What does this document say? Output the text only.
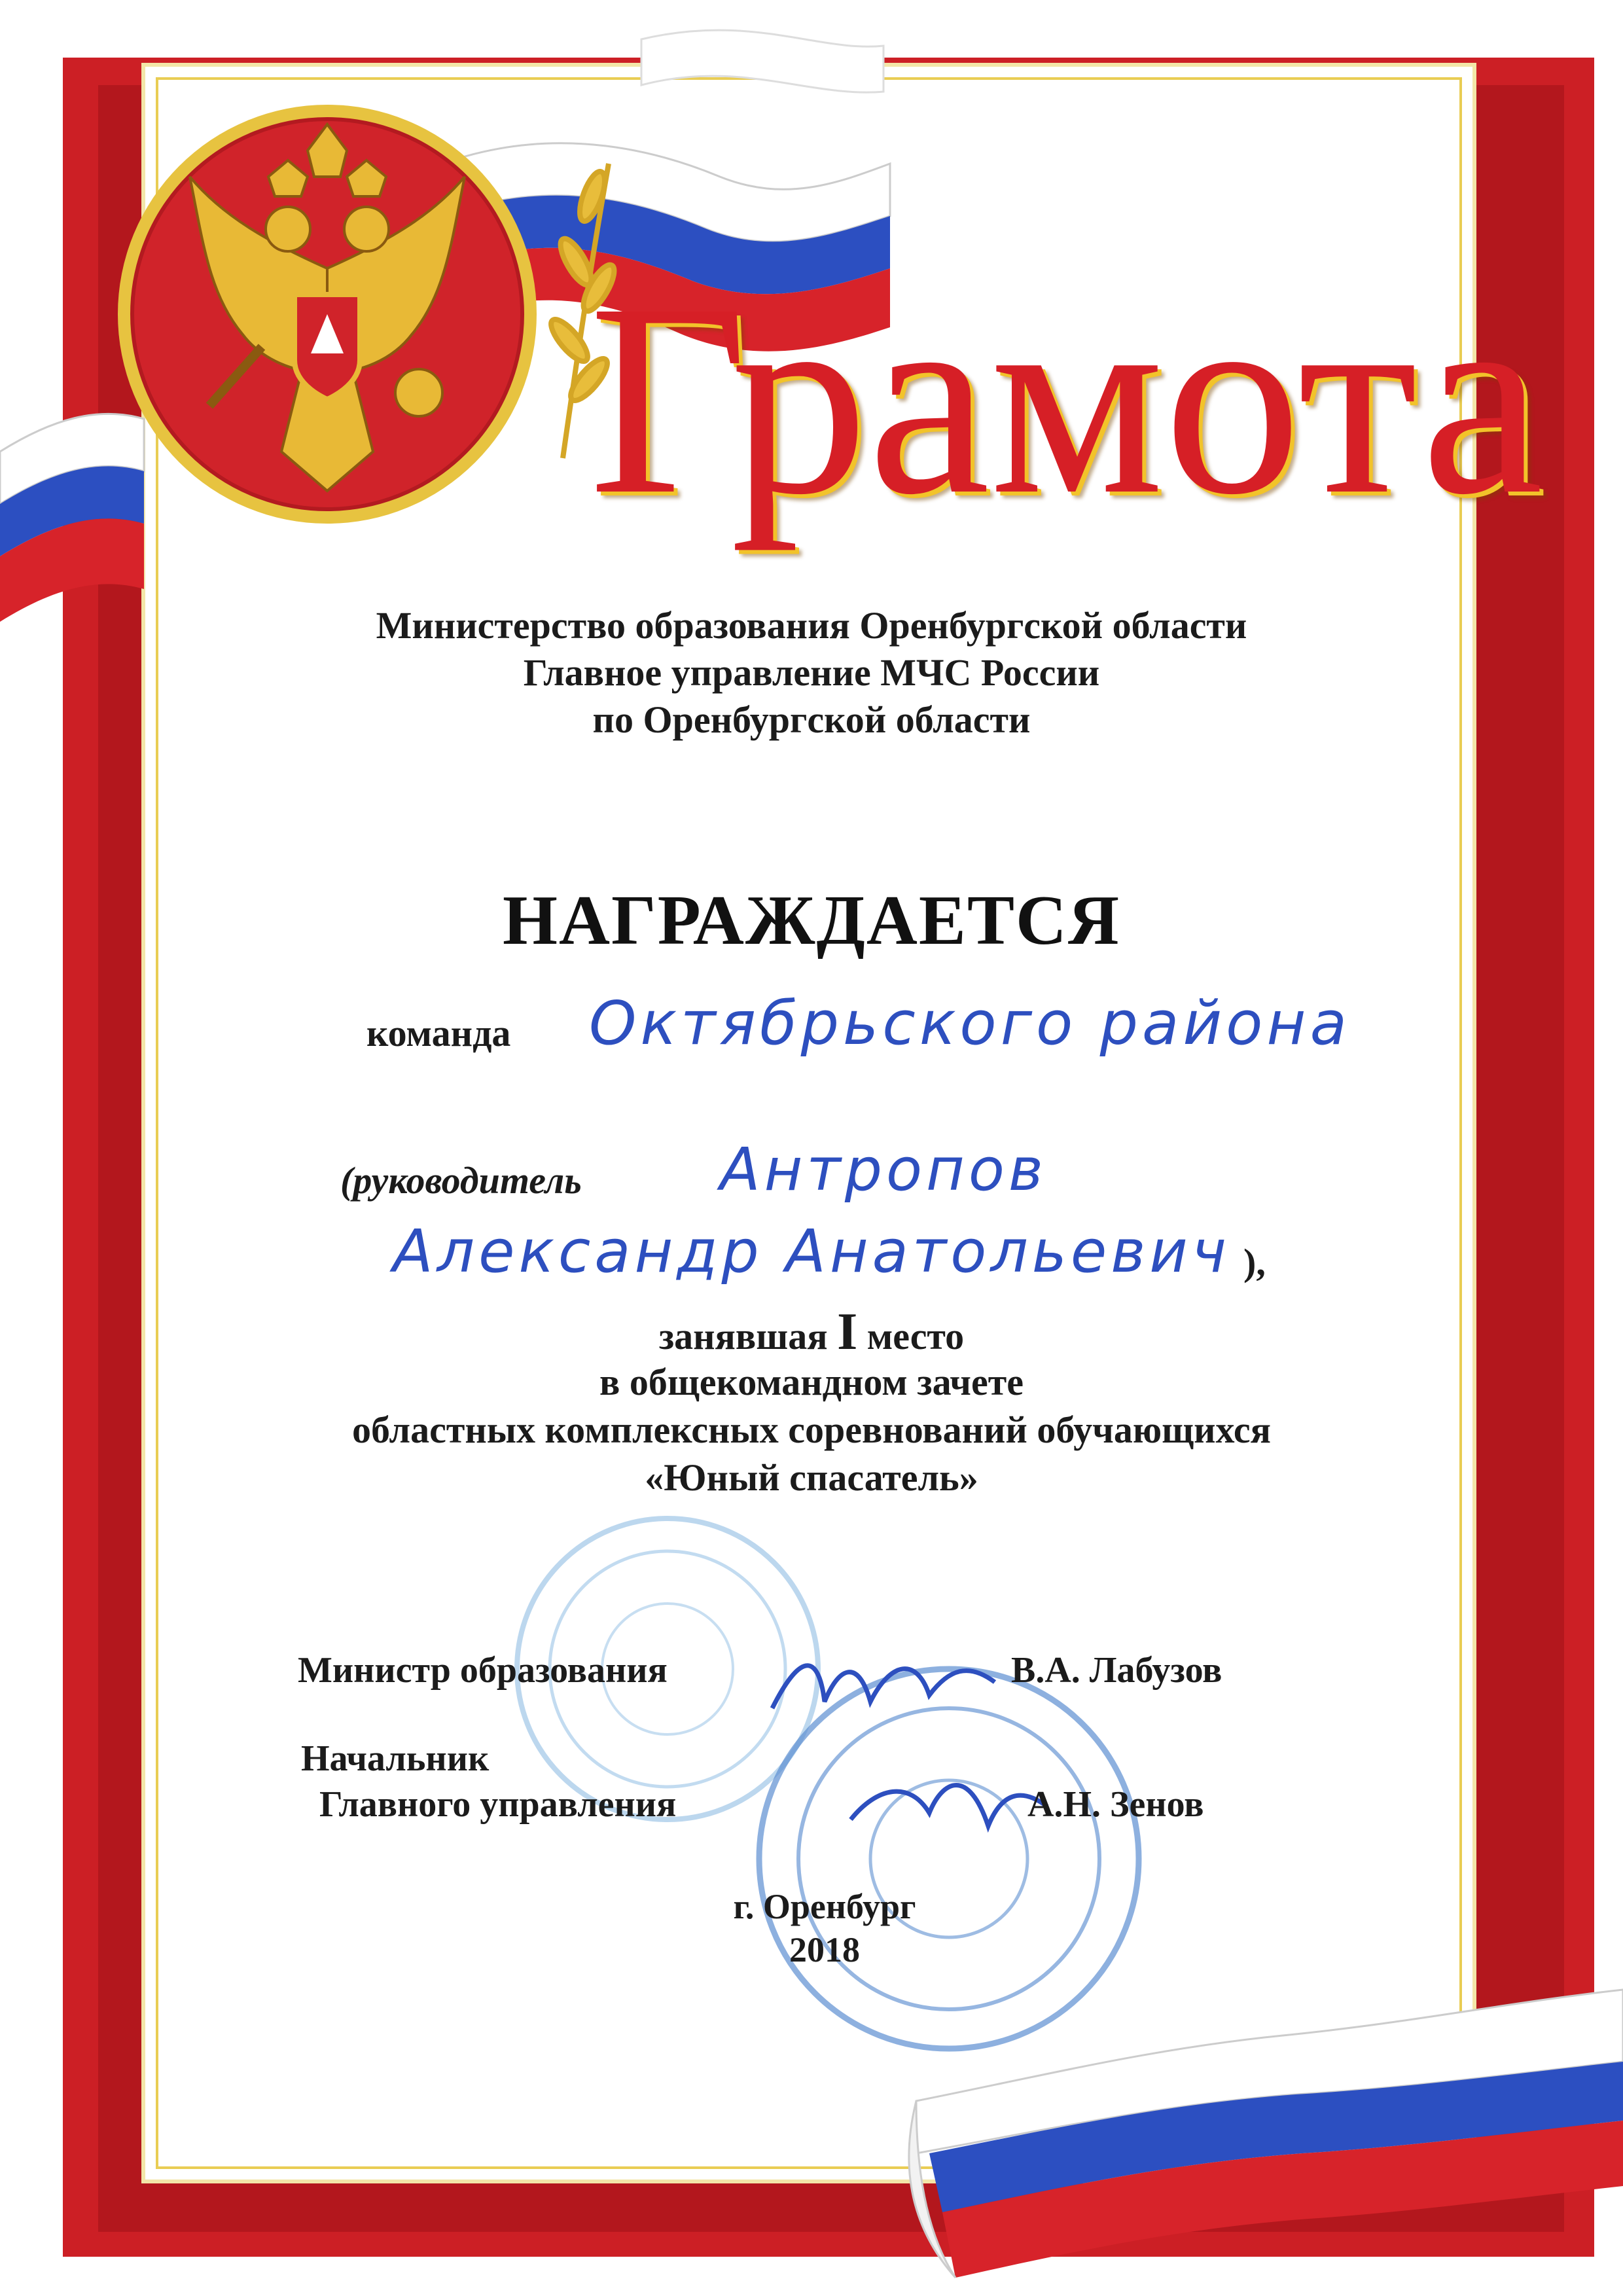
Грамота
Министерство образования Оренбургской области
Главное управление МЧС России
по Оренбургской области
НАГРАЖДАЕТСЯ
команда Октябрьского района
(руководитель Антропов
Александр Анатольевич ),
занявшая I место
в общекомандном зачете
областных комплексных соревнований обучающихся
«Юный спасатель»
Министр образования	В.А. Лабузов
Начальник
Главного управления	А.Н. Зенов
г. Оренбург
2018
